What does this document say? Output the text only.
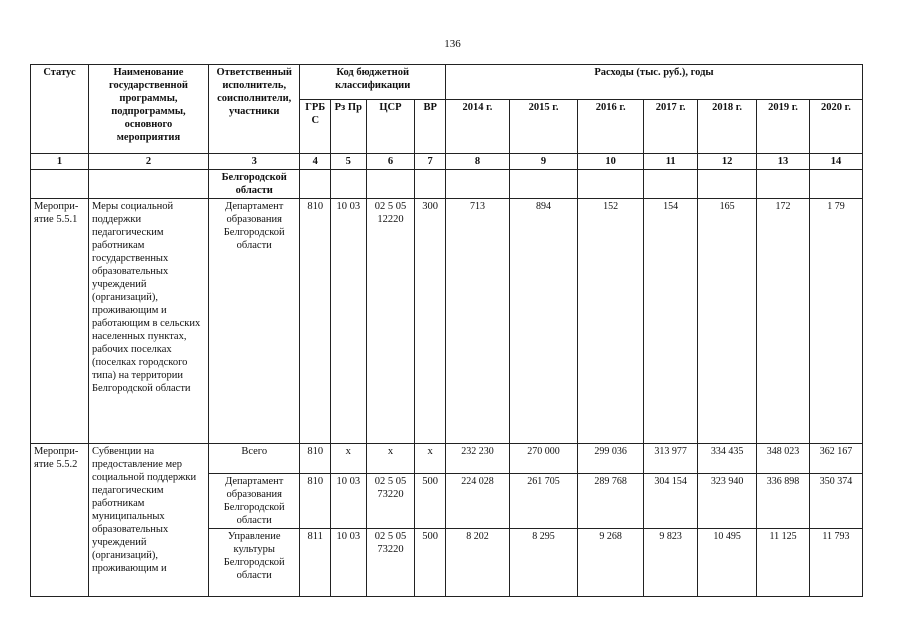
136
Статус	Наименование государственной программы, подпрограммы, основного мероприятия	Ответственный исполнитель, соисполнители, участники	Код бюджетной классификации				Расходы (тыс. руб.), годы						
			ГРБ С	Рз Пр	ЦСР	ВР	2014 г.	2015 г.	2016 г.	2017 г.	2018 г.	2019 г.	2020 г.
1	2	3	4	5	6	7	8	9	10	11	12	13	14
		Белгородской области											
Меропри-ятие 5.5.1	Меры социальной поддержки педагогическим работникам государственных образовательных учреждений (организаций), проживающим и работающим в сельских населенных пунктах, рабочих поселках (поселках городского типа) на территории Белгородской области	Департамент образования Белгородской области	810	10 03	02 5 05 12220	300	713	894	152	154	165	172	1 79
Меропри-ятие 5.5.2	Субвенции на предоставление мер социальной поддержки педагогическим работникам муниципальных образовательных учреждений (организаций), проживающим и	Всего	810	х	х	х	232 230	270 000	299 036	313 977	334 435	348 023	362 167
		Департамент образования Белгородской области	810	10 03	02 5 05 73220	500	224 028	261 705	289 768	304 154	323 940	336 898	350 374
		Управление культуры Белгородской области	811	10 03	02 5 05 73220	500	8 202	8 295	9 268	9 823	10 495	11 125	11 793
